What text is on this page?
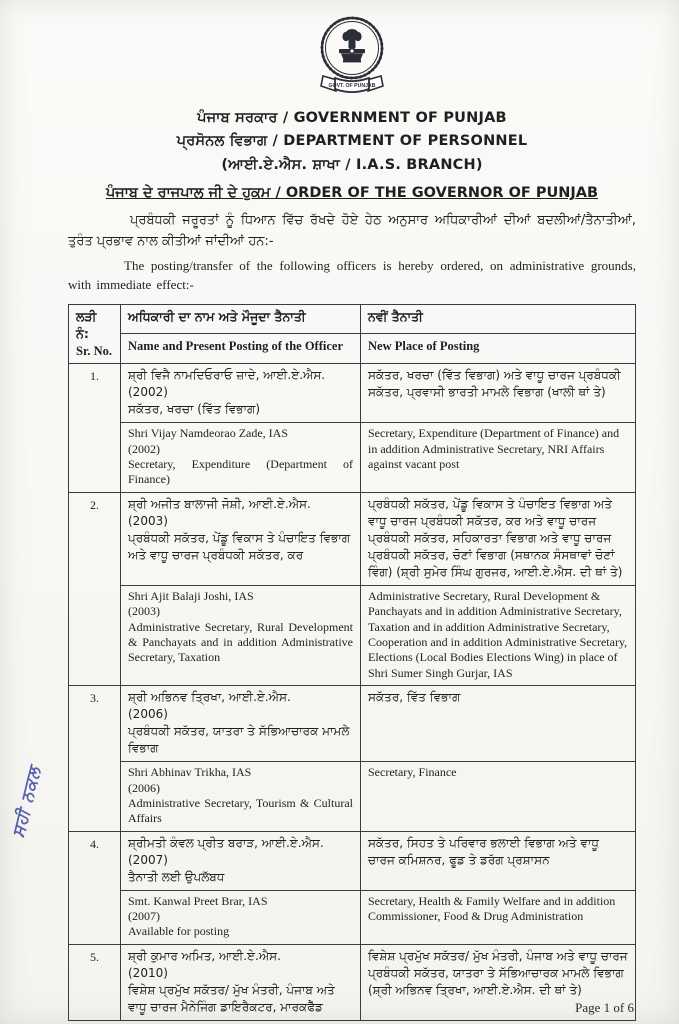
GOVT. OF PUNJAB
ਪੰਜਾਬ ਸਰਕਾਰ / GOVERNMENT OF PUNJAB
ਪ੍ਰਸੋਨਲ ਵਿਭਾਗ / DEPARTMENT OF PERSONNEL
(ਆਈ.ਏ.ਐਸ. ਸ਼ਾਖਾ / I.A.S. BRANCH)
ਪੰਜਾਬ ਦੇ ਰਾਜਪਾਲ ਜੀ ਦੇ ਹੁਕਮ / ORDER OF THE GOVERNOR OF PUNJAB

ਪ੍ਰਬੰਧਕੀ ਜਰੂਰਤਾਂ ਨੂੰ ਧਿਆਨ ਵਿੱਚ ਰੱਖਦੇ ਹੋਏ ਹੇਠ ਅਨੁਸਾਰ ਅਧਿਕਾਰੀਆਂ ਦੀਆਂ ਬਦਲੀਆਂ/ਤੈਨਾਤੀਆਂ, ਤੁਰੰਤ ਪ੍ਰਭਾਵ ਨਾਲ ਕੀਤੀਆਂ ਜਾਂਦੀਆਂ ਹਨ:-

The posting/transfer of the following officers is hereby ordered, on administrative grounds, with immediate effect:-

ਲੜੀ ਨੰ:
Sr. No.	ਅਧਿਕਾਰੀ ਦਾ ਨਾਮ ਅਤੇ ਮੌਜੂਦਾ ਤੈਨਾਤੀ	ਨਵੀਂ ਤੈਨਾਤੀ
	Name and Present Posting of the Officer	New Place of Posting
1.	ਸ਼੍ਰੀ ਵਿਜੈ ਨਾਮਦਿਓਰਾਓ ਜ਼ਾਦੇ, ਆਈ.ਏ.ਐਸ.
(2002)
ਸਕੱਤਰ, ਖਰਚਾ (ਵਿੱਤ ਵਿਭਾਗ)	ਸਕੱਤਰ, ਖਰਚਾ (ਵਿੱਤ ਵਿਭਾਗ) ਅਤੇ ਵਾਧੂ ਚਾਰਜ ਪ੍ਰਬੰਧਕੀ ਸਕੱਤਰ, ਪ੍ਰਵਾਸੀ ਭਾਰਤੀ ਮਾਮਲੇ ਵਿਭਾਗ (ਖਾਲੀ ਥਾਂ ਤੇ)

	Shri Vijay Namdeorao Zade, IAS
(2002)
Secretary, Expenditure (Department of Finance)	Secretary, Expenditure (Department of Finance) and in addition Administrative Secretary, NRI Affairs against vacant post
2.	ਸ਼੍ਰੀ ਅਜੀਤ ਬਾਲਾਜੀ ਜੋਸ਼ੀ, ਆਈ.ਏ.ਐਸ.
(2003)
ਪ੍ਰਬੰਧਕੀ ਸਕੱਤਰ, ਪੇਂਡੂ ਵਿਕਾਸ ਤੇ ਪੰਚਾਇਤ ਵਿਭਾਗ ਅਤੇ ਵਾਧੂ ਚਾਰਜ ਪ੍ਰਬੰਧਕੀ ਸਕੱਤਰ, ਕਰ
	ਪ੍ਰਬੰਧਕੀ ਸਕੱਤਰ, ਪੇਂਡੂ ਵਿਕਾਸ ਤੇ ਪੰਚਾਇਤ ਵਿਭਾਗ ਅਤੇ ਵਾਧੂ ਚਾਰਜ ਪ੍ਰਬੰਧਕੀ ਸਕੱਤਰ, ਕਰ ਅਤੇ ਵਾਧੂ ਚਾਰਜ ਪ੍ਰਬੰਧਕੀ ਸਕੱਤਰ, ਸਹਿਕਾਰਤਾ ਵਿਭਾਗ ਅਤੇ ਵਾਧੂ ਚਾਰਜ ਪ੍ਰਬੰਧਕੀ ਸਕੱਤਰ, ਚੋਣਾਂ ਵਿਭਾਗ (ਸਥਾਨਕ ਸੰਸਥਾਵਾਂ ਚੋਣਾਂ ਵਿੰਗ) (ਸ਼੍ਰੀ ਸੁਮੇਰ ਸਿੰਘ ਗੁਰਜਰ, ਆਈ.ਏ.ਐਸ. ਦੀ ਥਾਂ ਤੇ)

Shri Ajit Balaji Joshi, IAS
(2003)
Administrative Secretary, Rural Development & Panchayats and in addition Administrative Secretary, Taxation
	Administrative Secretary, Rural Development & Panchayats and in addition Administrative Secretary, Taxation and in addition Administrative Secretary, Cooperation and in addition Administrative Secretary, Elections (Local Bodies Elections Wing) in place of Shri Sumer Singh Gurjar, IAS
3.	ਸ਼੍ਰੀ ਅਭਿਨਵ ਤ੍ਰਿਖਾ, ਆਈ.ਏ.ਐਸ.
(2006)
ਪ੍ਰਬੰਧਕੀ ਸਕੱਤਰ, ਯਾਤਰਾ ਤੇ ਸੱਭਿਆਚਾਰਕ ਮਾਮਲੇ ਵਿਭਾਗ	ਸਕੱਤਰ, ਵਿੱਤ ਵਿਭਾਗ

	Shri Abhinav Trikha, IAS
(2006)
Administrative Secretary, Tourism & Cultural Affairs	Secretary, Finance
4.	ਸ਼੍ਰੀਮਤੀ ਕੰਵਲ ਪ੍ਰੀਤ ਬਰਾੜ, ਆਈ.ਏ.ਐਸ.
(2007)
ਤੈਨਾਤੀ ਲਈ ਉਪਲੱਬਧ	ਸਕੱਤਰ, ਸਿਹਤ ਤੇ ਪਰਿਵਾਰ ਭਲਾਈ ਵਿਭਾਗ ਅਤੇ ਵਾਧੂ ਚਾਰਜ ਕਮਿਸ਼ਨਰ, ਫੂਡ ਤੇ ਡਰੱਗ ਪ੍ਰਸ਼ਾਸਨ

	Smt. Kanwal Preet Brar, IAS
(2007)
Available for posting	Secretary, Health & Family Welfare and in addition Commissioner, Food & Drug Administration
5.	ਸ਼੍ਰੀ ਕੁਮਾਰ ਅਮਿਤ, ਆਈ.ਏ.ਐਸ.
(2010)
ਵਿਸ਼ੇਸ਼ ਪ੍ਰਮੁੱਖ ਸਕੱਤਰ/ ਮੁੱਖ ਮੰਤਰੀ, ਪੰਜਾਬ ਅਤੇ ਵਾਧੂ ਚਾਰਜ ਮੈਨੇਜਿੰਗ ਡਾਇਰੈਕਟਰ, ਮਾਰਕਫੈੱਡ	ਵਿਸ਼ੇਸ਼ ਪ੍ਰਮੁੱਖ ਸਕੱਤਰ/ ਮੁੱਖ ਮੰਤਰੀ, ਪੰਜਾਬ ਅਤੇ ਵਾਧੂ ਚਾਰਜ ਪ੍ਰਬੰਧਕੀ ਸਕੱਤਰ, ਯਾਤਰਾ ਤੇ ਸੱਭਿਆਚਾਰਕ ਮਾਮਲੇ ਵਿਭਾਗ (ਸ਼੍ਰੀ ਅਭਿਨਵ ਤ੍ਰਿਖਾ, ਆਈ.ਏ.ਐਸ. ਦੀ ਥਾਂ ਤੇ)
ਸਹੀ ਨਕਲ
Page 1 of 6
